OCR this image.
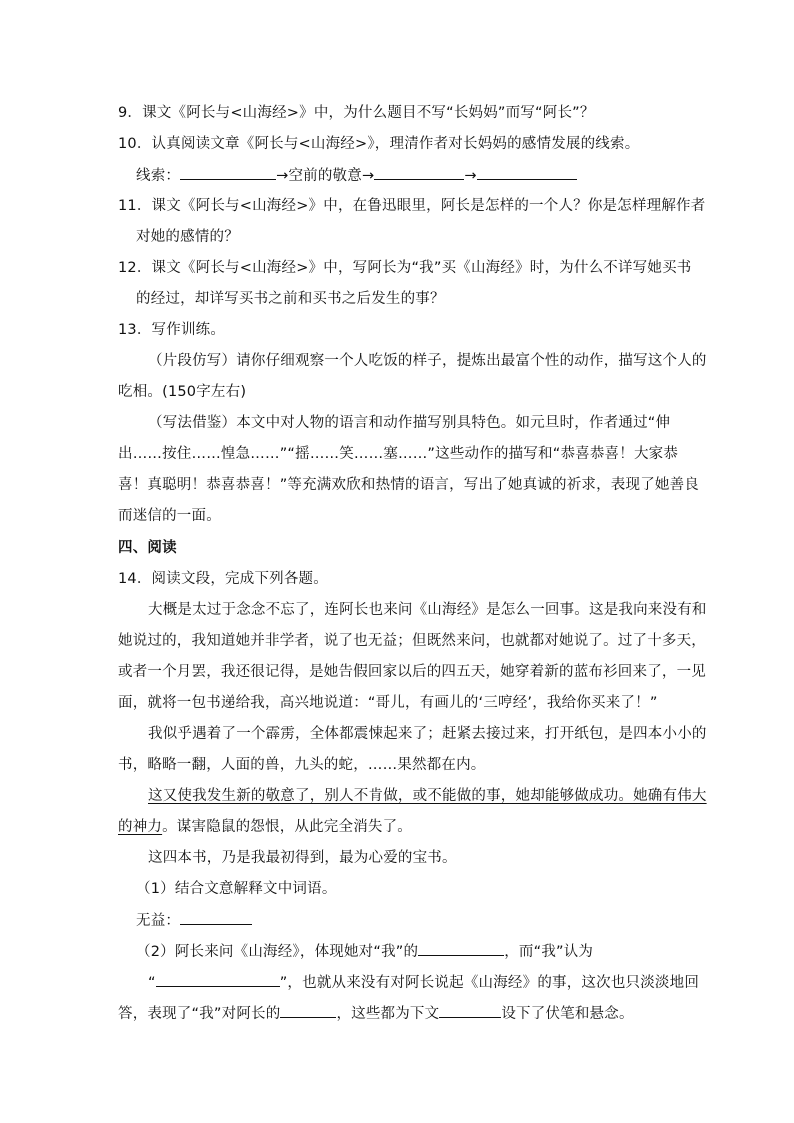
9．课文《阿长与<山海经>》中，为什么题目不写“长妈妈”而写“阿长”？
10．认真阅读文章《阿长与<山海经>》，理清作者对长妈妈的感情发展的线索。
线索：	→空前的敬意→	→
11．课文《阿长与<山海经>》中，在鲁迅眼里，阿长是怎样的一个人？你是怎样理解作者
对她的感情的？
12．课文《阿长与<山海经>》中，写阿长为“我”买《山海经》时，为什么不详写她买书
的经过，却详写买书之前和买书之后发生的事？
13．写作训练。
（片段仿写）请你仔细观察一个人吃饭的样子，提炼出最富个性的动作，描写这个人的
吃相。(150字左右)
（写法借鉴）本文中对人物的语言和动作描写别具特色。如元旦时，作者通过“伸
出……按住……惶急……”“摇……笑……塞……”这些动作的描写和“恭喜恭喜！大家恭
喜！真聪明！恭喜恭喜！”等充满欢欣和热情的语言，写出了她真诚的祈求，表现了她善良
而迷信的一面。
四、阅读
14．阅读文段，完成下列各题。
大概是太过于念念不忘了，连阿长也来问《山海经》是怎么一回事。这是我向来没有和
她说过的，我知道她并非学者，说了也无益；但既然来问，也就都对她说了。过了十多天，
或者一个月罢，我还很记得，是她告假回家以后的四五天，她穿着新的蓝布衫回来了，一见
面，就将一包书递给我，高兴地说道：“哥儿，有画儿的‘三哼经’，我给你买来了！”
我似乎遇着了一个霹雳，全体都震悚起来了；赶紧去接过来，打开纸包，是四本小小的
书，略略一翻，人面的兽，九头的蛇，……果然都在内。
这又使我发生新的敬意了，别人不肯做，或不能做的事，她却能够做成功。她确有伟大
的神力。谋害隐鼠的怨恨，从此完全消失了。
这四本书，乃是我最初得到，最为心爱的宝书。
（1）结合文意解释文中词语。
无益：
（2）阿长来问《山海经》，体现她对“我”的	，而“我”认为
“	”，也就从来没有对阿长说起《山海经》的事，这次也只淡淡地回
答，表现了“我”对阿长的	，这些都为下文	设下了伏笔和悬念。
